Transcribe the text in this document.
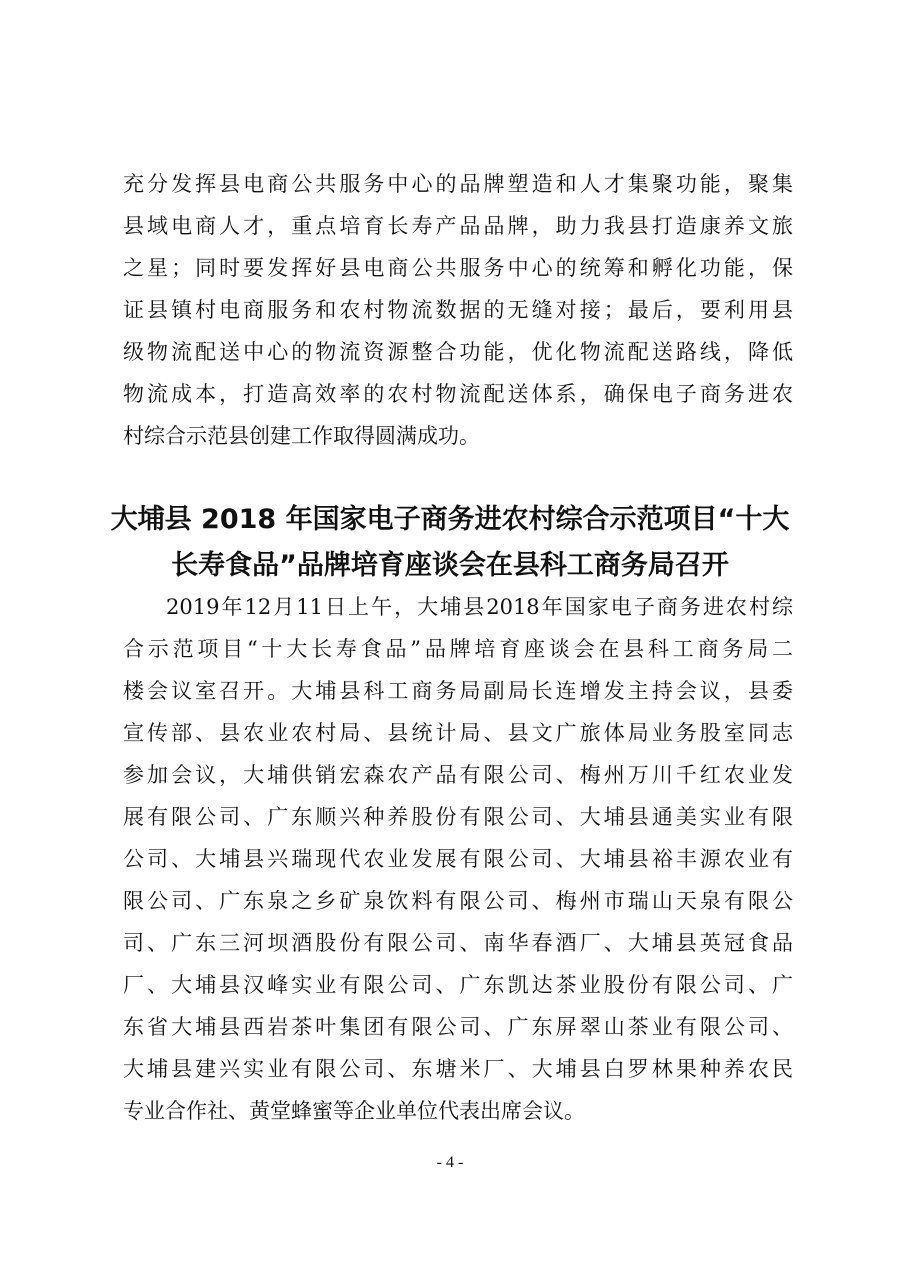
充分发挥县电商公共服务中心的品牌塑造和人才集聚功能，聚集
县域电商人才，重点培育长寿产品品牌，助力我县打造康养文旅
之星；同时要发挥好县电商公共服务中心的统筹和孵化功能，保
证县镇村电商服务和农村物流数据的无缝对接；最后，要利用县
级物流配送中心的物流资源整合功能，优化物流配送路线，降低
物流成本，打造高效率的农村物流配送体系，确保电子商务进农
村综合示范县创建工作取得圆满成功。
大埔县 2018 年国家电子商务进农村综合示范项目“十大
长寿食品”品牌培育座谈会在县科工商务局召开
2019年12月11日上午，大埔县2018年国家电子商务进农村综
合示范项目“十大长寿食品”品牌培育座谈会在县科工商务局二
楼会议室召开。大埔县科工商务局副局长连增发主持会议，县委
宣传部、县农业农村局、县统计局、县文广旅体局业务股室同志
参加会议，大埔供销宏森农产品有限公司、梅州万川千红农业发
展有限公司、广东顺兴种养股份有限公司、大埔县通美实业有限
公司、大埔县兴瑞现代农业发展有限公司、大埔县裕丰源农业有
限公司、广东泉之乡矿泉饮料有限公司、梅州市瑞山天泉有限公
司、广东三河坝酒股份有限公司、南华春酒厂、大埔县英冠食品
厂、大埔县汉峰实业有限公司、广东凯达茶业股份有限公司、广
东省大埔县西岩茶叶集团有限公司、广东屏翠山茶业有限公司、
大埔县建兴实业有限公司、东塘米厂、大埔县白罗林果种养农民
专业合作社、黄堂蜂蜜等企业单位代表出席会议。
- 4 -
